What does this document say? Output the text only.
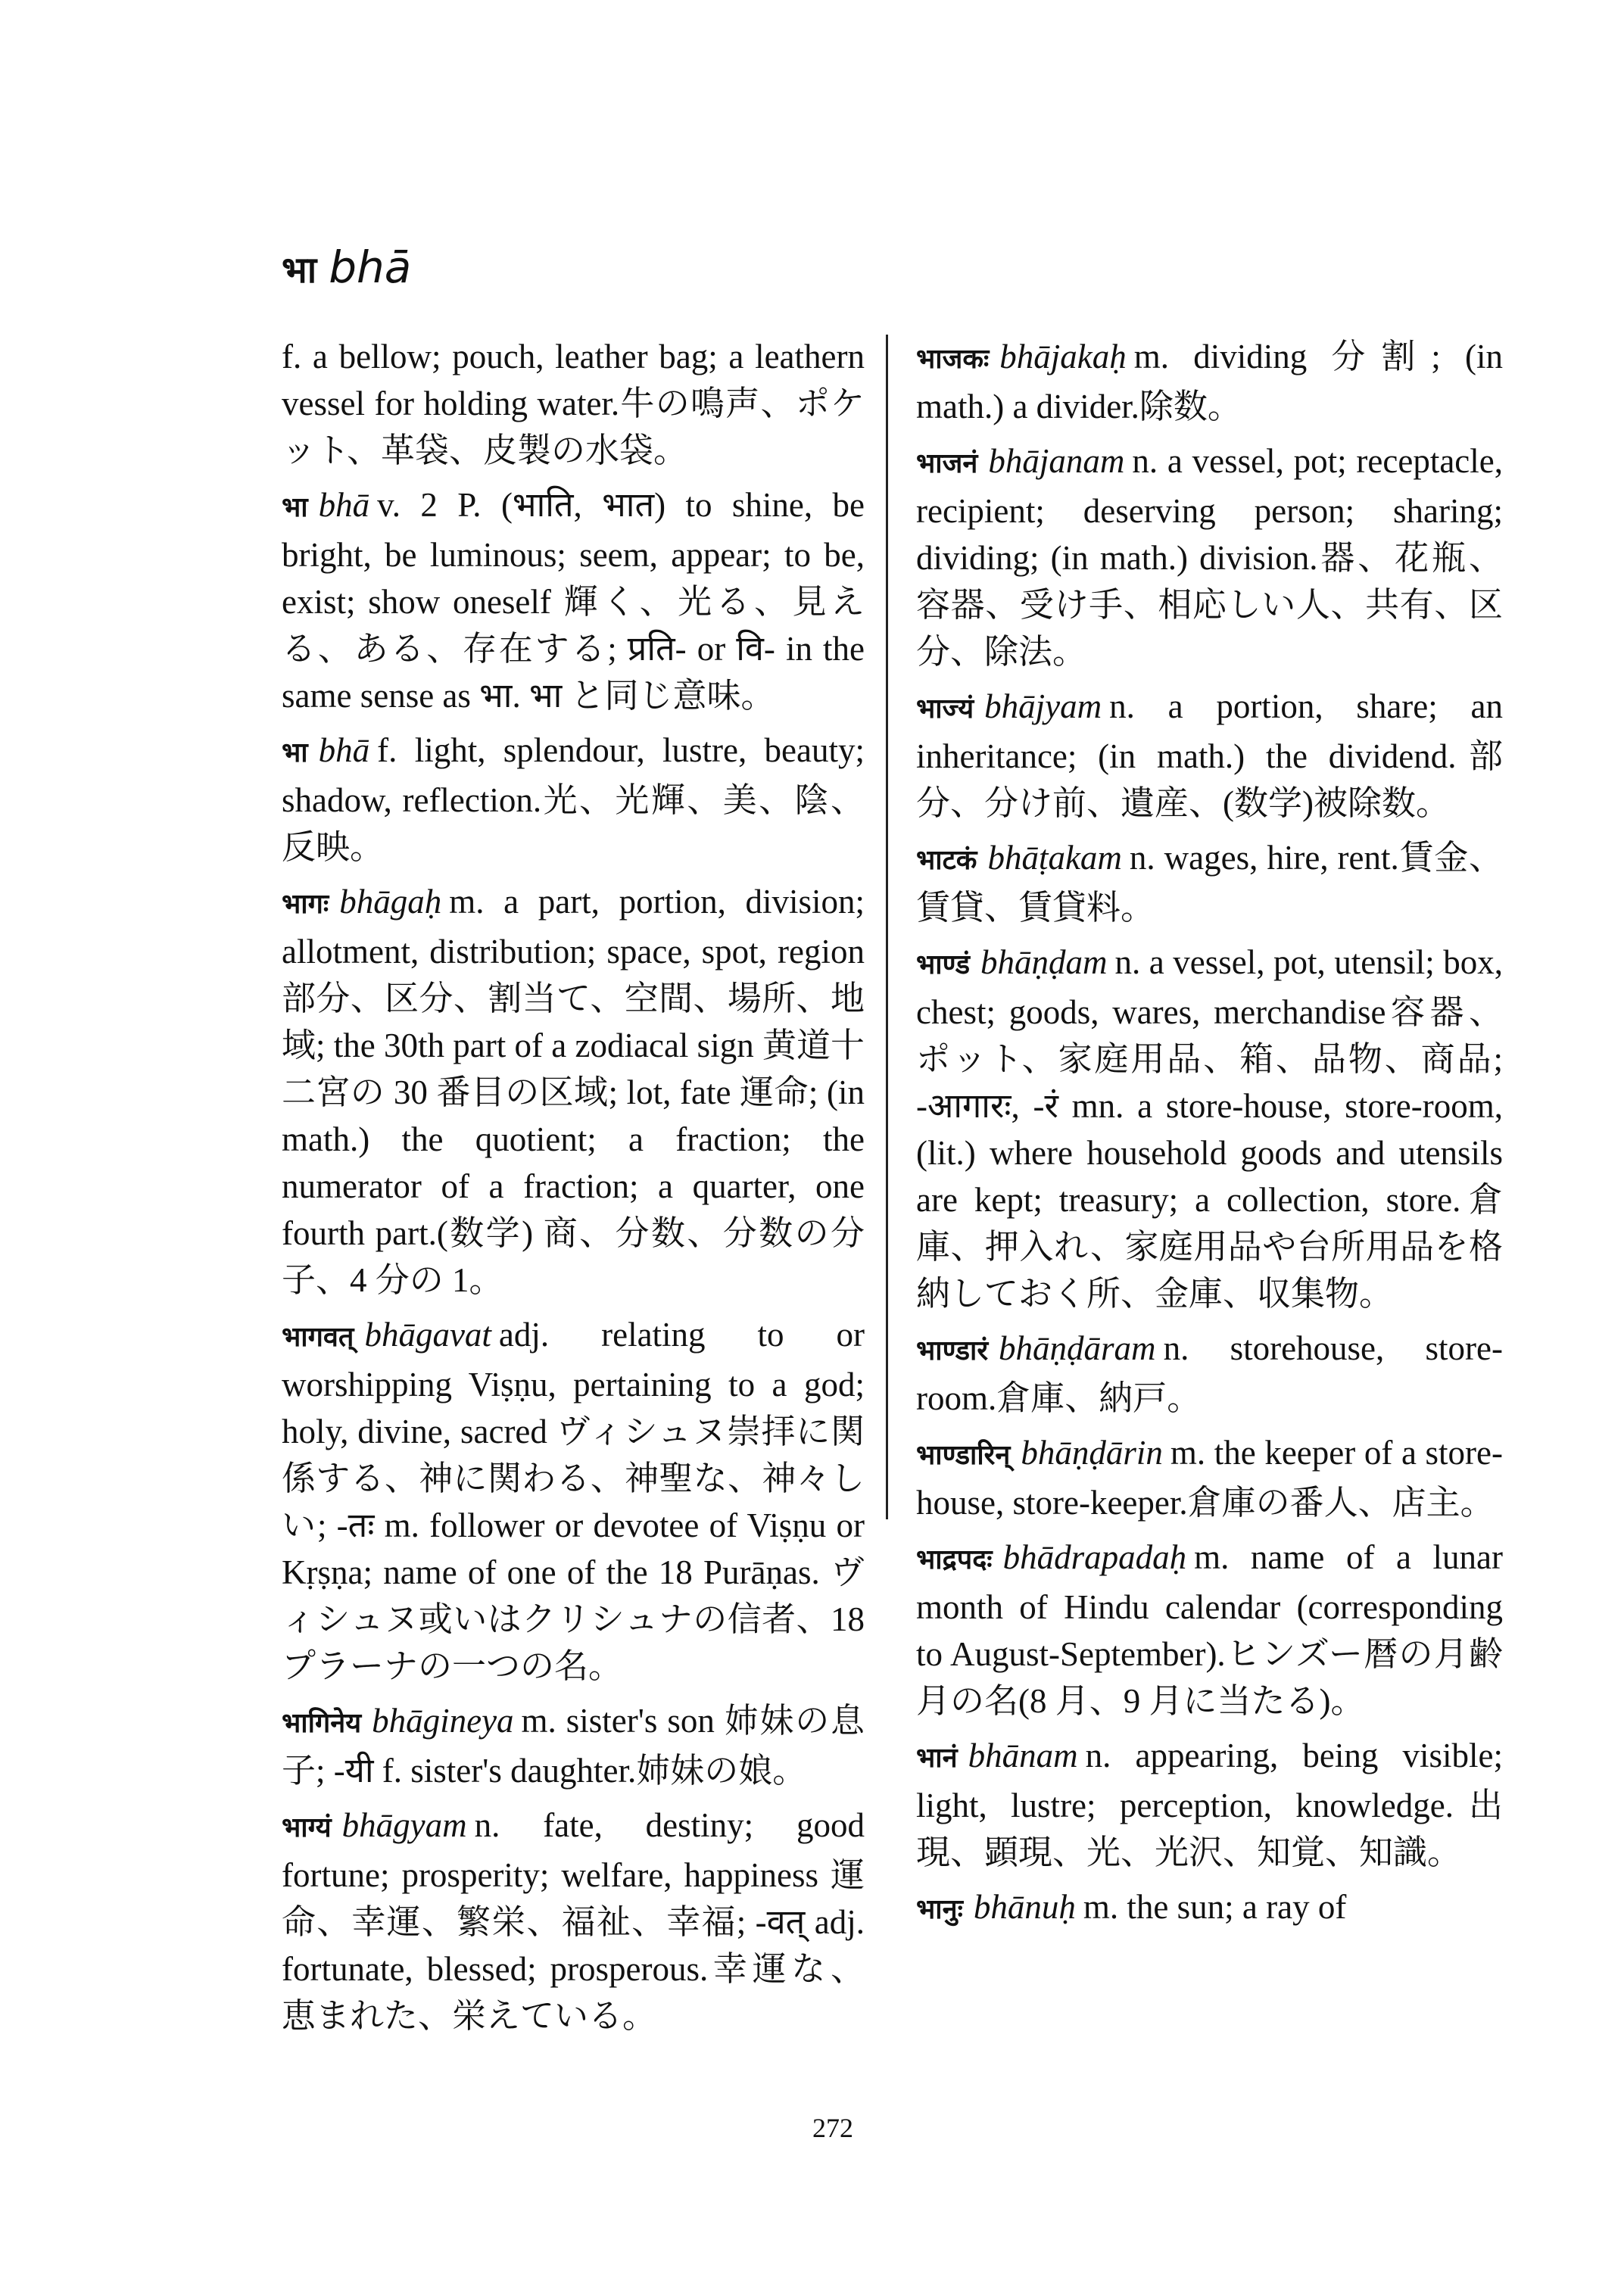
भा bhā
f. a bellow; pouch, leather bag; a leathern vessel for holding water.牛の鳴声、ポケット、革袋、皮製の水袋。
भा bhā v. 2 P. (भाति, भात) to shine, be bright, be luminous; seem, appear; to be, exist; show oneself 輝く、光る、見える、ある、存在する; प्रति- or वि- in the same sense as भा. भा と同じ意味。
भा bhā f. light, splendour, lustre, beauty; shadow, reflection.光、光輝、美、陰、反映。
भागः bhāgaḥ m. a part, portion, division; allotment, distribution; space, spot, region 部分、区分、割当て、空間、場所、地域; the 30th part of a zodiacal sign 黄道十二宮の 30 番目の区域; lot, fate 運命; (in math.) the quotient; a fraction; the numerator of a fraction; a quarter, one fourth part.(数学) 商、分数、分数の分子、4 分の 1。
भागवत् bhāgavat adj. relating to or worshipping Viṣṇu, pertaining to a god; holy, divine, sacred ヴィシュヌ崇拝に関係する、神に関わる、神聖な、神々しい; -तः m. follower or devotee of Viṣṇu or Kṛṣṇa; name of one of the 18 Purāṇas. ヴィシュヌ或いはクリシュナの信者、18 プラーナの一つの名。
भागिनेय bhāgineya m. sister's son 姉妹の息子; -यी f. sister's daughter.姉妹の娘。
भाग्यं bhāgyam n. fate, destiny; good fortune; prosperity; welfare, happiness 運命、幸運、繁栄、福祉、幸福; -वत् adj. fortunate, blessed; prosperous.幸運な、恵まれた、栄えている。
भाजकः bhājakaḥ m. dividing 分割; (in math.) a divider.除数。
भाजनं bhājanam n. a vessel, pot; receptacle, recipient; deserving person; sharing; dividing; (in math.) division.器、花瓶、容器、受け手、相応しい人、共有、区分、除法。
भाज्यं bhājyam n. a portion, share; an inheritance; (in math.) the dividend.部分、分け前、遺産、(数学)被除数。
भाटकं bhāṭakam n. wages, hire, rent.賃金、賃貸、賃貸料。
भाण्डं bhāṇḍam n. a vessel, pot, utensil; box, chest; goods, wares, merchandise容器、ポット、家庭用品、箱、品物、商品; -आगारः, -रं mn. a store-house, store-room, (lit.) where household goods and utensils are kept; treasury; a collection, store.倉庫、押入れ、家庭用品や台所用品を格納しておく所、金庫、収集物。
भाण्डारं bhāṇḍāram n. storehouse, store-room.倉庫、納戸。
भाण्डारिन् bhāṇḍārin m. the keeper of a store-house, store-keeper.倉庫の番人、店主。
भाद्रपदः bhādrapadaḥ m. name of a lunar month of Hindu calendar (corresponding to August-September).ヒンズー暦の月齢月の名(8 月、9 月に当たる)。
भानं bhānam n. appearing, being visible; light, lustre; perception, knowledge.出現、顕現、光、光沢、知覚、知識。
भानुः bhānuḥ m. the sun; a ray of
272
